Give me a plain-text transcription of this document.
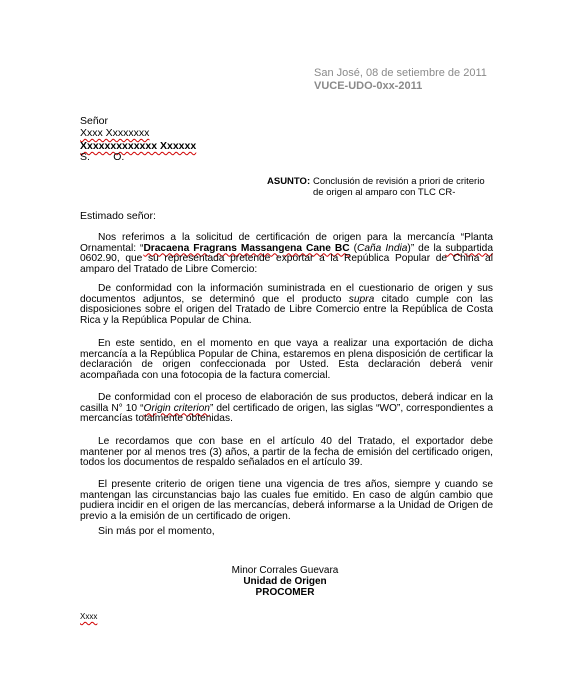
San José, 08 de setiembre de 2011
VUCE-UDO-0xx-2011
Señor
Xxxx Xxxxxxxx
Xxxxxxxxxxxxx Xxxxxx
S.        O.
ASUNTO: Conclusión de revisión a priori de criterio de origen al amparo con TLC CR-
Estimado señor:

Nos referimos a la solicitud de certificación de origen para la mercancía “Planta Ornamental: “Dracaena Fragrans Massangena Cane BC (Caña India)” de la subpartida 0602.90, que su representada pretende exportar a la República Popular de China al amparo del Tratado de Libre Comercio:

De conformidad con la información suministrada en el cuestionario de origen y sus documentos adjuntos, se determinó que el producto supra citado cumple con las disposiciones sobre el origen del Tratado de Libre Comercio entre la República de Costa Rica y la República Popular de China.

En este sentido, en el momento en que vaya a realizar una exportación de dicha mercancía a la República Popular de China, estaremos en plena disposición de certificar la declaración de origen confeccionada por Usted. Esta declaración deberá venir acompañada con una fotocopia de la factura comercial.

De conformidad con el proceso de elaboración de sus productos, deberá indicar en la casilla N° 10 “Origin criterion” del certificado de origen, las siglas “WO”, correspondientes a mercancías totalmente obtenidas.

Le recordamos que con base en el artículo 40 del Tratado, el exportador debe mantener por al menos tres (3) años, a partir de la fecha de emisión del certificado origen, todos los documentos de respaldo señalados en el artículo 39.

El presente criterio de origen tiene una vigencia de tres años, siempre y cuando se mantengan las circunstancias bajo las cuales fue emitido. En caso de algún cambio que pudiera incidir en el origen de las mercancías, deberá informarse a la Unidad de Origen de previo a la emisión de un certificado de origen.

Sin más por el momento,
Minor Corrales Guevara
Unidad de Origen
PROCOMER
Xxxx
